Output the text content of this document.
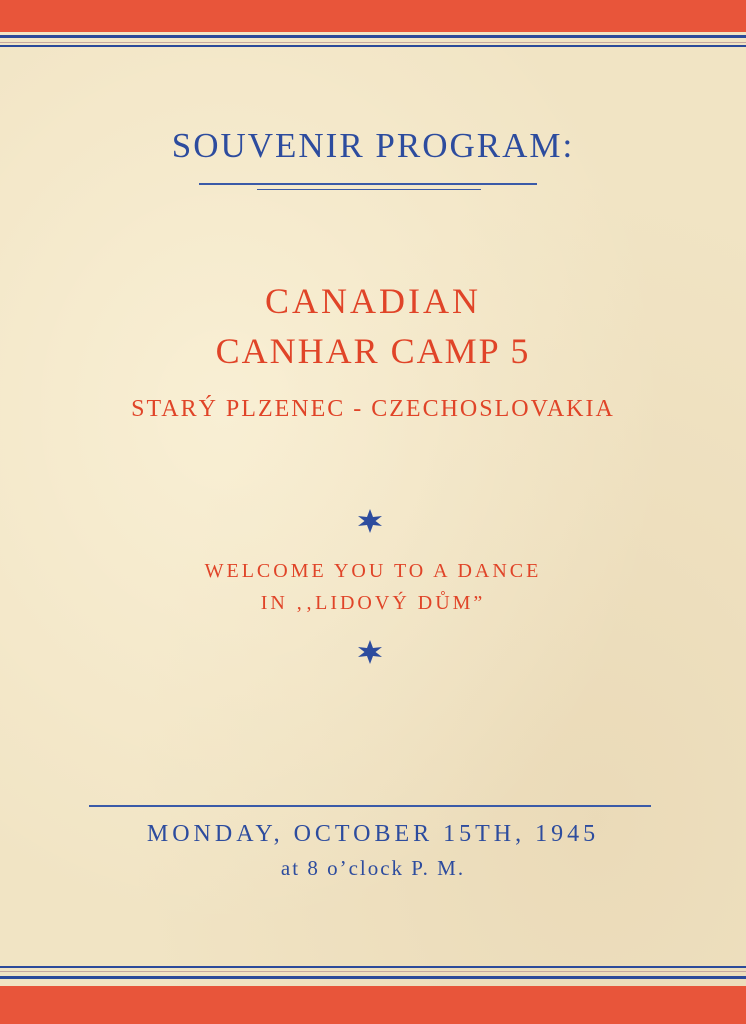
SOUVENIR PROGRAM:
CANADIAN
CANHAR CAMP 5
STARÝ PLZENEC - CZECHOSLOVAKIA
WELCOME YOU TO A DANCE
IN ‚‚LIDOVÝ DŮM”
MONDAY, OCTOBER 15TH, 1945
at 8 o’clock P. M.
